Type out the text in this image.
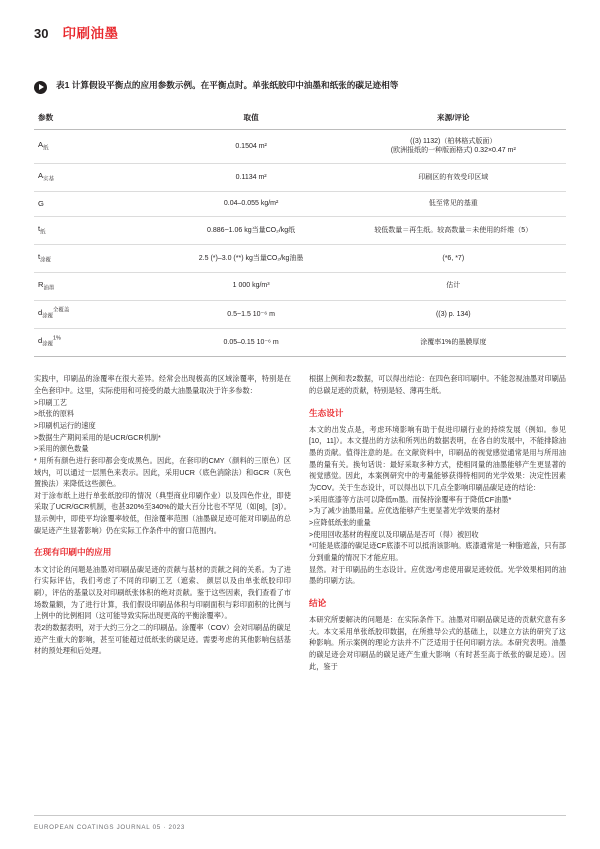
30 印刷油墨
表1 计算假设平衡点的应用参数示例。在平衡点时。单张纸胶印中油墨和纸张的碳足迹相等
参数	取值	来源/评论
$A_纸$	0.1504 m²	((3) 1132)（柏林格式版面）
(欧洲报纸的一种版面格式) 0.32×0.47 m²
$A_{实基}$	0.1134 m²	印刷区的有效受印区域
G	0.04–0.055 kg/m²	低至常见的基重
$t_纸$	0.886~1.06 kg当量CO₂/kg纸	较低数量＝再生纸。较高数量＝未使用的纤维（5）
$t_{涂覆}$	2.5 (*)–3.0 (**) kg当量CO₂/kg油墨	(*6, *7)
$R_{油墨}$	1 000 kg/m³	估计
$d_{涂覆}^{全覆盖}$	0.5~1.5 10⁻⁶ m	((3) p. 134)
$d_{涂覆}^{1\%}$	0.05–0.15 10⁻⁶ m	涂覆率1%的墨膜厚度

实践中，印刷品的涂覆率在很大差异。经常会出现极高的区域涂覆率，特别是在全色套印中。这里，实际使用和可接受的最大油墨量取决于许多参数：

>印刷工艺

>纸张的原料

>印刷机运行的速度

>数据生产期间采用的是UCR/GCR机制*

>采用的颜色数量

* 用所有颜色进行套印都会变成黑色。因此，在套印的CMY（颜料的三原色）区域内，可以通过一层黑色来表示。因此，采用UCR（底色消除法）和GCR（灰色置换法）来降低这些颜色。

对于涂布纸上进行单张纸胶印的情况（典型商业印刷作业）以及四色作业，即使采取了UCR/GCR机制，也甚320%至340%的最大百分比也不罕见（如[8]，[3]）。显示例中，即使平均涂覆率较低，但涂覆率范围（油墨碳足迹可能对印刷品的总碳足迹产生显著影响）仍在实际工作条件中的窗口范围内。

在现有印刷中的应用

本文讨论的问题是油墨对印刷品碳足迹的贡献与基材的贡献之间的关系。为了进行实际评估，我们考虑了不同的印刷工艺（遮索、 颜层以及由单张纸胶印印刷），评估的基量以及对印刷纸张体积的绝对贡献。鉴于这些因素，我们查看了市场数量额，为了进行计算，我们假设印刷品体积与印刷面积与彩印面积的比例与上例中的比例相同（这可能导致实际出现更高的平衡涂覆率）。

表2的数据表明，对于大约三分之二的印刷品。涂覆率（COV）会对印刷品的碳足迹产生重大的影响，甚至可能超过低纸张的碳足迹。需要考虑的其他影响包括基材的预处理和后处理。

根据上例和表2数据，可以得出结论：在四色套印印刷中。不能忽视油墨对印刷品的总碳足迹的贡献，特别是轻、薄再生纸。

生态设计

本文的出发点是，考虑环境影响有助于促进印刷行业的持续发展（例如。参见[10，11]）。本文提出的方法和所列出的数据表明，在各自的发展中，不能排除油墨的贡献。值得注意的是。在文献资料中，印刷品的视觉感觉通常是用与所用油墨的量有关。换句话说：最好采取多种方式，使相同量的油墨能够产生更显著的视觉感觉。因此，本案例研究中的考量能够获得特相同的光学效果：决定性因素为COV。关于生态设计，可以得出以下几点全影响印刷品碳足迹的结论：

>采用底漆等方法可以降低m墨。而保持涂覆率有于降低CF油墨*

>为了减少油墨用量。应优选能够产生更显著光学效果的基材

>应降低纸张的重量

>使用回收基材的程度以及印刷品是否可（得）被回收

*可能是底漆的碳足迹CF底漆不可以抵消该影响。底漆通常是一种脂遮盖，只有部分到重量的情况下才能应用。

显然。对于印刷品的生态设计。应优选/考虑使用碳足迹较低。光学效果相同的油墨的印刷方法。

结论

本研究所要解决的问题是：在实际条件下。油墨对印刷品碳足迹的贡献究意有多大。本文采用单张纸胶印数据，在所推导公式的基础上，以建立方法的研究了这种影响。所示案例的理论方法并不广泛适用于任何印刷方法。本研究表明。油墨的碳足迹会对印刷品的碳足迹产生重大影响（有时甚至高于纸张的碳足迹）。因此，鉴于

EUROPEAN COATINGS JOURNAL 05 · 2023
